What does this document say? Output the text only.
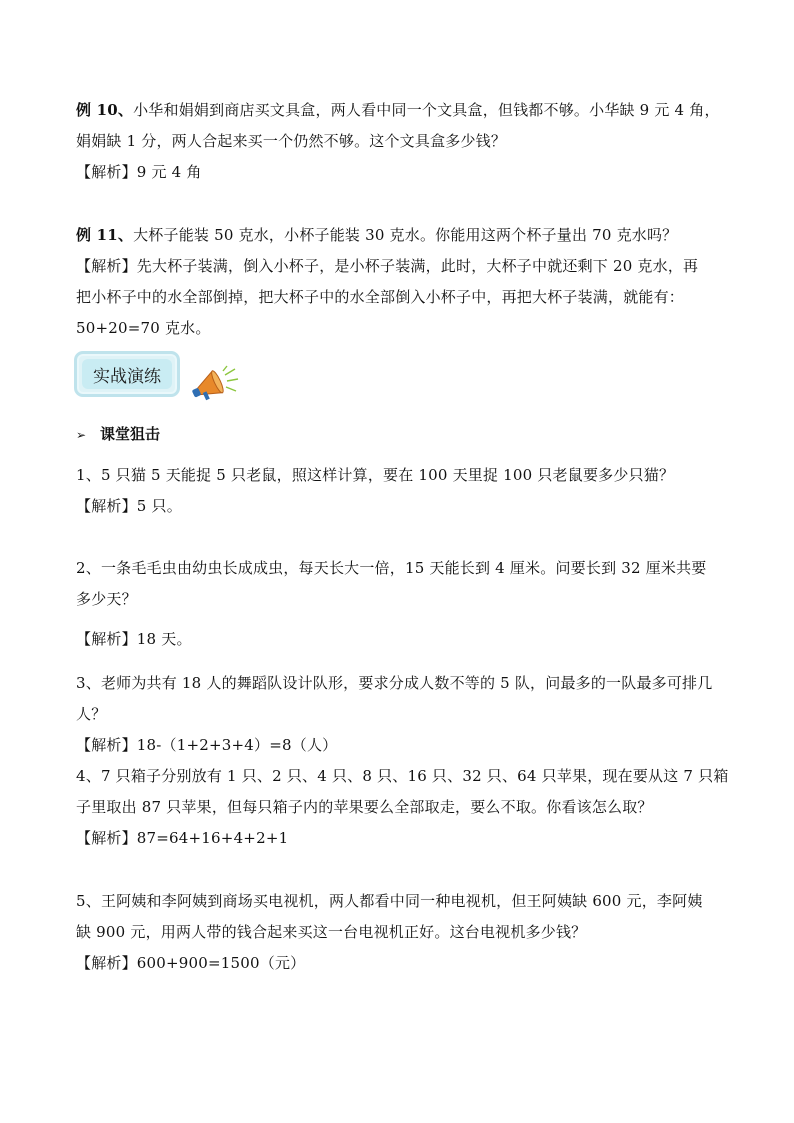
例 10、小华和娟娟到商店买文具盒，两人看中同一个文具盒，但钱都不够。小华缺 9 元 4 角，
娟娟缺 1 分，两人合起来买一个仍然不够。这个文具盒多少钱？
【解析】9 元 4 角
例 11、大杯子能装 50 克水，小杯子能装 30 克水。你能用这两个杯子量出 70 克水吗？
【解析】先大杯子装满，倒入小杯子，是小杯子装满，此时，大杯子中就还剩下 20 克水，再
把小杯子中的水全部倒掉，把大杯子中的水全部倒入小杯子中，再把大杯子装满，就能有：
50+20=70 克水。
实战演练
➢ 课堂狙击
1、5 只猫 5 天能捉 5 只老鼠，照这样计算，要在 100 天里捉 100 只老鼠要多少只猫？
【解析】5 只。
2、一条毛毛虫由幼虫长成成虫，每天长大一倍，15 天能长到 4 厘米。问要长到 32 厘米共要
多少天？
【解析】18 天。
3、老师为共有 18 人的舞蹈队设计队形，要求分成人数不等的 5 队，问最多的一队最多可排几
人？
【解析】18-（1+2+3+4）=8（人）
4、7 只箱子分别放有 1 只、2 只、4 只、8 只、16 只、32 只、64 只苹果，现在要从这 7 只箱
子里取出 87 只苹果，但每只箱子内的苹果要么全部取走，要么不取。你看该怎么取？
【解析】87=64+16+4+2+1
5、王阿姨和李阿姨到商场买电视机，两人都看中同一种电视机，但王阿姨缺 600 元，李阿姨
缺 900 元，用两人带的钱合起来买这一台电视机正好。这台电视机多少钱？
【解析】600+900=1500（元）
